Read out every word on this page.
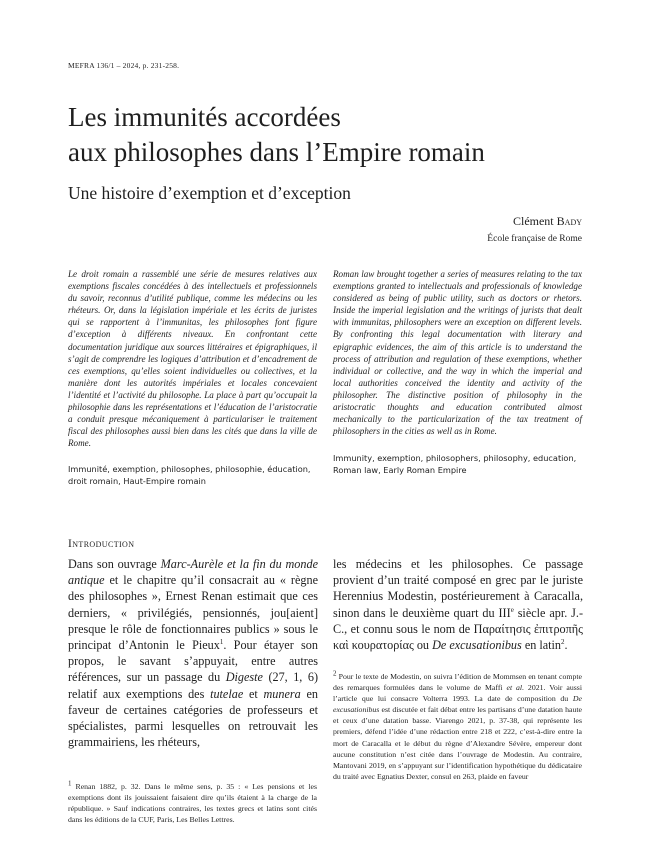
MEFRA 136/1 – 2024, p. 231-258.
Les immunités accordées
aux philosophes dans l’Empire romain
Une histoire d’exemption et d’exception
Clément Bady
École française de Rome
Le droit romain a rassemblé une série de mesures relatives aux exemptions fiscales concédées à des intellectuels et professionnels du savoir, reconnus d’utilité publique, comme les médecins ou les rhéteurs. Or, dans la législation impériale et les écrits de juristes qui se rapportent à l’immunitas, les philosophes font figure d’exception à différents niveaux. En confrontant cette documentation juridique aux sources littéraires et épigraphiques, il s’agit de comprendre les logiques d’attribution et d’encadrement de ces exemptions, qu’elles soient individuelles ou collectives, et la manière dont les autorités impériales et locales concevaient l’identité et l’activité du philosophe. La place à part qu’occupait la philosophie dans les représentations et l’éducation de l’aristocratie a conduit presque mécaniquement à particulariser le traitement fiscal des philosophes aussi bien dans les cités que dans la ville de Rome.
Immunité, exemption, philosophes, philosophie, éducation, droit romain, Haut-Empire romain
Roman law brought together a series of measures relating to the tax exemptions granted to intellectuals and professionals of knowledge considered as being of public utility, such as doctors or rhetors. Inside the imperial legislation and the writings of jurists that dealt with immunitas, philosophers were an exception on different levels. By confronting this legal documentation with literary and epigraphic evidences, the aim of this article is to understand the process of attribution and regulation of these exemptions, whether individual or collective, and the way in which the imperial and local authorities conceived the identity and activity of the philosopher. The distinctive position of philosophy in the aristocratic thoughts and education contributed almost mechanically to the particularization of the tax treatment of philosophers in the cities as well as in Rome.
Immunity, exemption, philosophers, philosophy, education, Roman law, Early Roman Empire
Introduction

Dans son ouvrage Marc-Aurèle et la fin du monde antique et le chapitre qu’il consacrait au « règne des philosophes », Ernest Renan estimait que ces derniers, « privilégiés, pensionnés, jou[aient] presque le rôle de fonctionnaires publics » sous le principat d’Antonin le Pieux$^1$. Pour étayer son propos, le savant s’appuyait, entre autres références, sur un passage du Digeste (27, 1, 6) relatif aux exemptions des tutelae et munera en faveur de certaines catégories de professeurs et spécialistes, parmi lesquelles on retrouvait les grammairiens, les rhéteurs,

les médecins et les philosophes. Ce passage provient d’un traité composé en grec par le juriste Herennius Modestin, postérieurement à Caracalla, sinon dans le deuxième quart du IIIe siècle apr. J.-C., et connu sous le nom de Παραίτησις ἐπιτροπῆς καὶ κουρατορίας ou De excusationibus en latin$^2$.

$^1$ Renan 1882, p. 32. Dans le même sens, p. 35 : « Les pensions et les exemptions dont ils jouissaient faisaient dire qu’ils étaient à la charge de la république. » Sauf indications contraires, les textes grecs et latins sont cités dans les éditions de la CUF, Paris, Les Belles Lettres.

$^2$ Pour le texte de Modestin, on suivra l’édition de Mommsen en tenant compte des remarques formulées dans le volume de Maffi et al. 2021. Voir aussi l’article que lui consacre Volterra 1993. La date de composition du De excusationibus est discutée et fait débat entre les partisans d’une datation haute et ceux d’une datation basse. Viarengo 2021, p. 37-38, qui représente les premiers, défend l’idée d’une rédaction entre 218 et 222, c’est-à-dire entre la mort de Caracalla et le début du règne d’Alexandre Sévère, empereur dont aucune constitution n’est citée dans l’ouvrage de Modestin. Au contraire, Mantovani 2019, en s’appuyant sur l’identification hypothétique du dédicataire du traité avec Egnatius Dexter, consul en 263, plaide en faveur
